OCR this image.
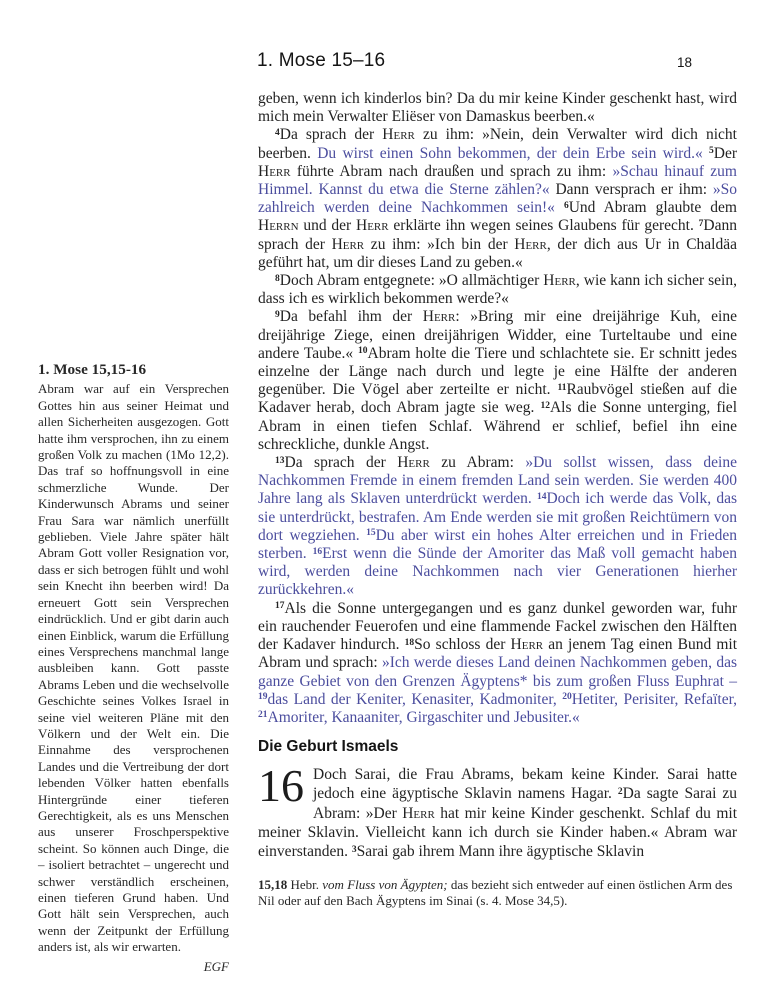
1. Mose 15–16	18
1. Mose 15,15-16

Abram war auf ein Versprechen Gottes hin aus seiner Heimat und allen Sicherheiten ausgezogen. Gott hatte ihm versprochen, ihn zu einem großen Volk zu machen (1Mo 12,2). Das traf so hoffnungsvoll in eine schmerzliche Wunde. Der Kinderwunsch Abrams und seiner Frau Sara war nämlich unerfüllt geblieben. Viele Jahre später hält Abram Gott voller Resignation vor, dass er sich betrogen fühlt und wohl sein Knecht ihn beerben wird! Da erneuert Gott sein Versprechen eindrücklich. Und er gibt darin auch einen Einblick, warum die Erfüllung eines Versprechens manchmal lange ausbleiben kann. Gott passte Abrams Leben und die wechselvolle Geschichte seines Volkes Israel in seine viel weiteren Pläne mit den Völkern und der Welt ein. Die Einnahme des versprochenen Landes und die Vertreibung der dort lebenden Völker hatten ebenfalls Hintergründe einer tieferen Gerechtigkeit, als es uns Menschen aus unserer Froschperspektive scheint. So können auch Dinge, die – isoliert betrachtet – ungerecht und schwer verständlich erscheinen, einen tieferen Grund haben. Und Gott hält sein Versprechen, auch wenn der Zeitpunkt der Erfüllung anders ist, als wir erwarten.

EGF

geben, wenn ich kinderlos bin? Da du mir keine Kinder geschenkt hast, wird mich mein Verwalter Eliëser von Damaskus beerben.«

$^4$Da sprach der Herr zu ihm: »Nein, dein Verwalter wird dich nicht beerben. Du wirst einen Sohn bekommen, der dein Erbe sein wird.« $^5$Der Herr führte Abram nach draußen und sprach zu ihm: »Schau hinauf zum Himmel. Kannst du etwa die Sterne zählen?« Dann versprach er ihm: »So zahlreich werden deine Nachkommen sein!« $^6$Und Abram glaubte dem Herrn und der Herr erklärte ihn wegen seines Glaubens für gerecht. $^7$Dann sprach der Herr zu ihm: »Ich bin der Herr, der dich aus Ur in Chaldäa geführt hat, um dir dieses Land zu geben.«

$^8$Doch Abram entgegnete: »O allmächtiger Herr, wie kann ich sicher sein, dass ich es wirklich bekommen werde?«

$^9$Da befahl ihm der Herr: »Bring mir eine dreijährige Kuh, eine dreijährige Ziege, einen dreijährigen Widder, eine Turteltaube und eine andere Taube.« $^{10}$Abram holte die Tiere und schlachtete sie. Er schnitt jedes einzelne der Länge nach durch und legte je eine Hälfte der anderen gegenüber. Die Vögel aber zerteilte er nicht. $^{11}$Raubvögel stießen auf die Kadaver herab, doch Abram jagte sie weg. $^{12}$Als die Sonne unterging, fiel Abram in einen tiefen Schlaf. Während er schlief, befiel ihn eine schreckliche, dunkle Angst.

$^{13}$Da sprach der Herr zu Abram: »Du sollst wissen, dass deine Nachkommen Fremde in einem fremden Land sein werden. Sie werden 400 Jahre lang als Sklaven unterdrückt werden. $^{14}$Doch ich werde das Volk, das sie unterdrückt, bestrafen. Am Ende werden sie mit großen Reichtümern von dort wegziehen. $^{15}$Du aber wirst ein hohes Alter erreichen und in Frieden sterben. $^{16}$Erst wenn die Sünde der Amoriter das Maß voll gemacht haben wird, werden deine Nachkommen nach vier Generationen hierher zurückkehren.«

$^{17}$Als die Sonne untergegangen und es ganz dunkel geworden war, fuhr ein rauchender Feuerofen und eine flammende Fackel zwischen den Hälften der Kadaver hindurch. $^{18}$So schloss der Herr an jenem Tag einen Bund mit Abram und sprach: »Ich werde dieses Land deinen Nachkommen geben, das ganze Gebiet von den Grenzen Ägyptens* bis zum großen Fluss Euphrat – $^{19}$das Land der Keniter, Kenasiter, Kadmoniter, $^{20}$Hetiter, Perisiter, Refaïter, $^{21}$Amoriter, Kanaaniter, Girgaschiter und Jebusiter.«

Die Geburt Ismaels

16 Doch Sarai, die Frau Abrams, bekam keine Kinder. Sarai hatte jedoch eine ägyptische Sklavin namens Hagar. $^2$Da sagte Sarai zu Abram: »Der Herr hat mir keine Kinder geschenkt. Schlaf du mit meiner Sklavin. Vielleicht kann ich durch sie Kinder haben.« Abram war einverstanden. $^3$Sarai gab ihrem Mann ihre ägyptische Sklavin

15,18 Hebr. vom Fluss von Ägypten; das bezieht sich entweder auf einen östlichen Arm des Nil oder auf den Bach Ägyptens im Sinai (s. 4. Mose 34,5).
